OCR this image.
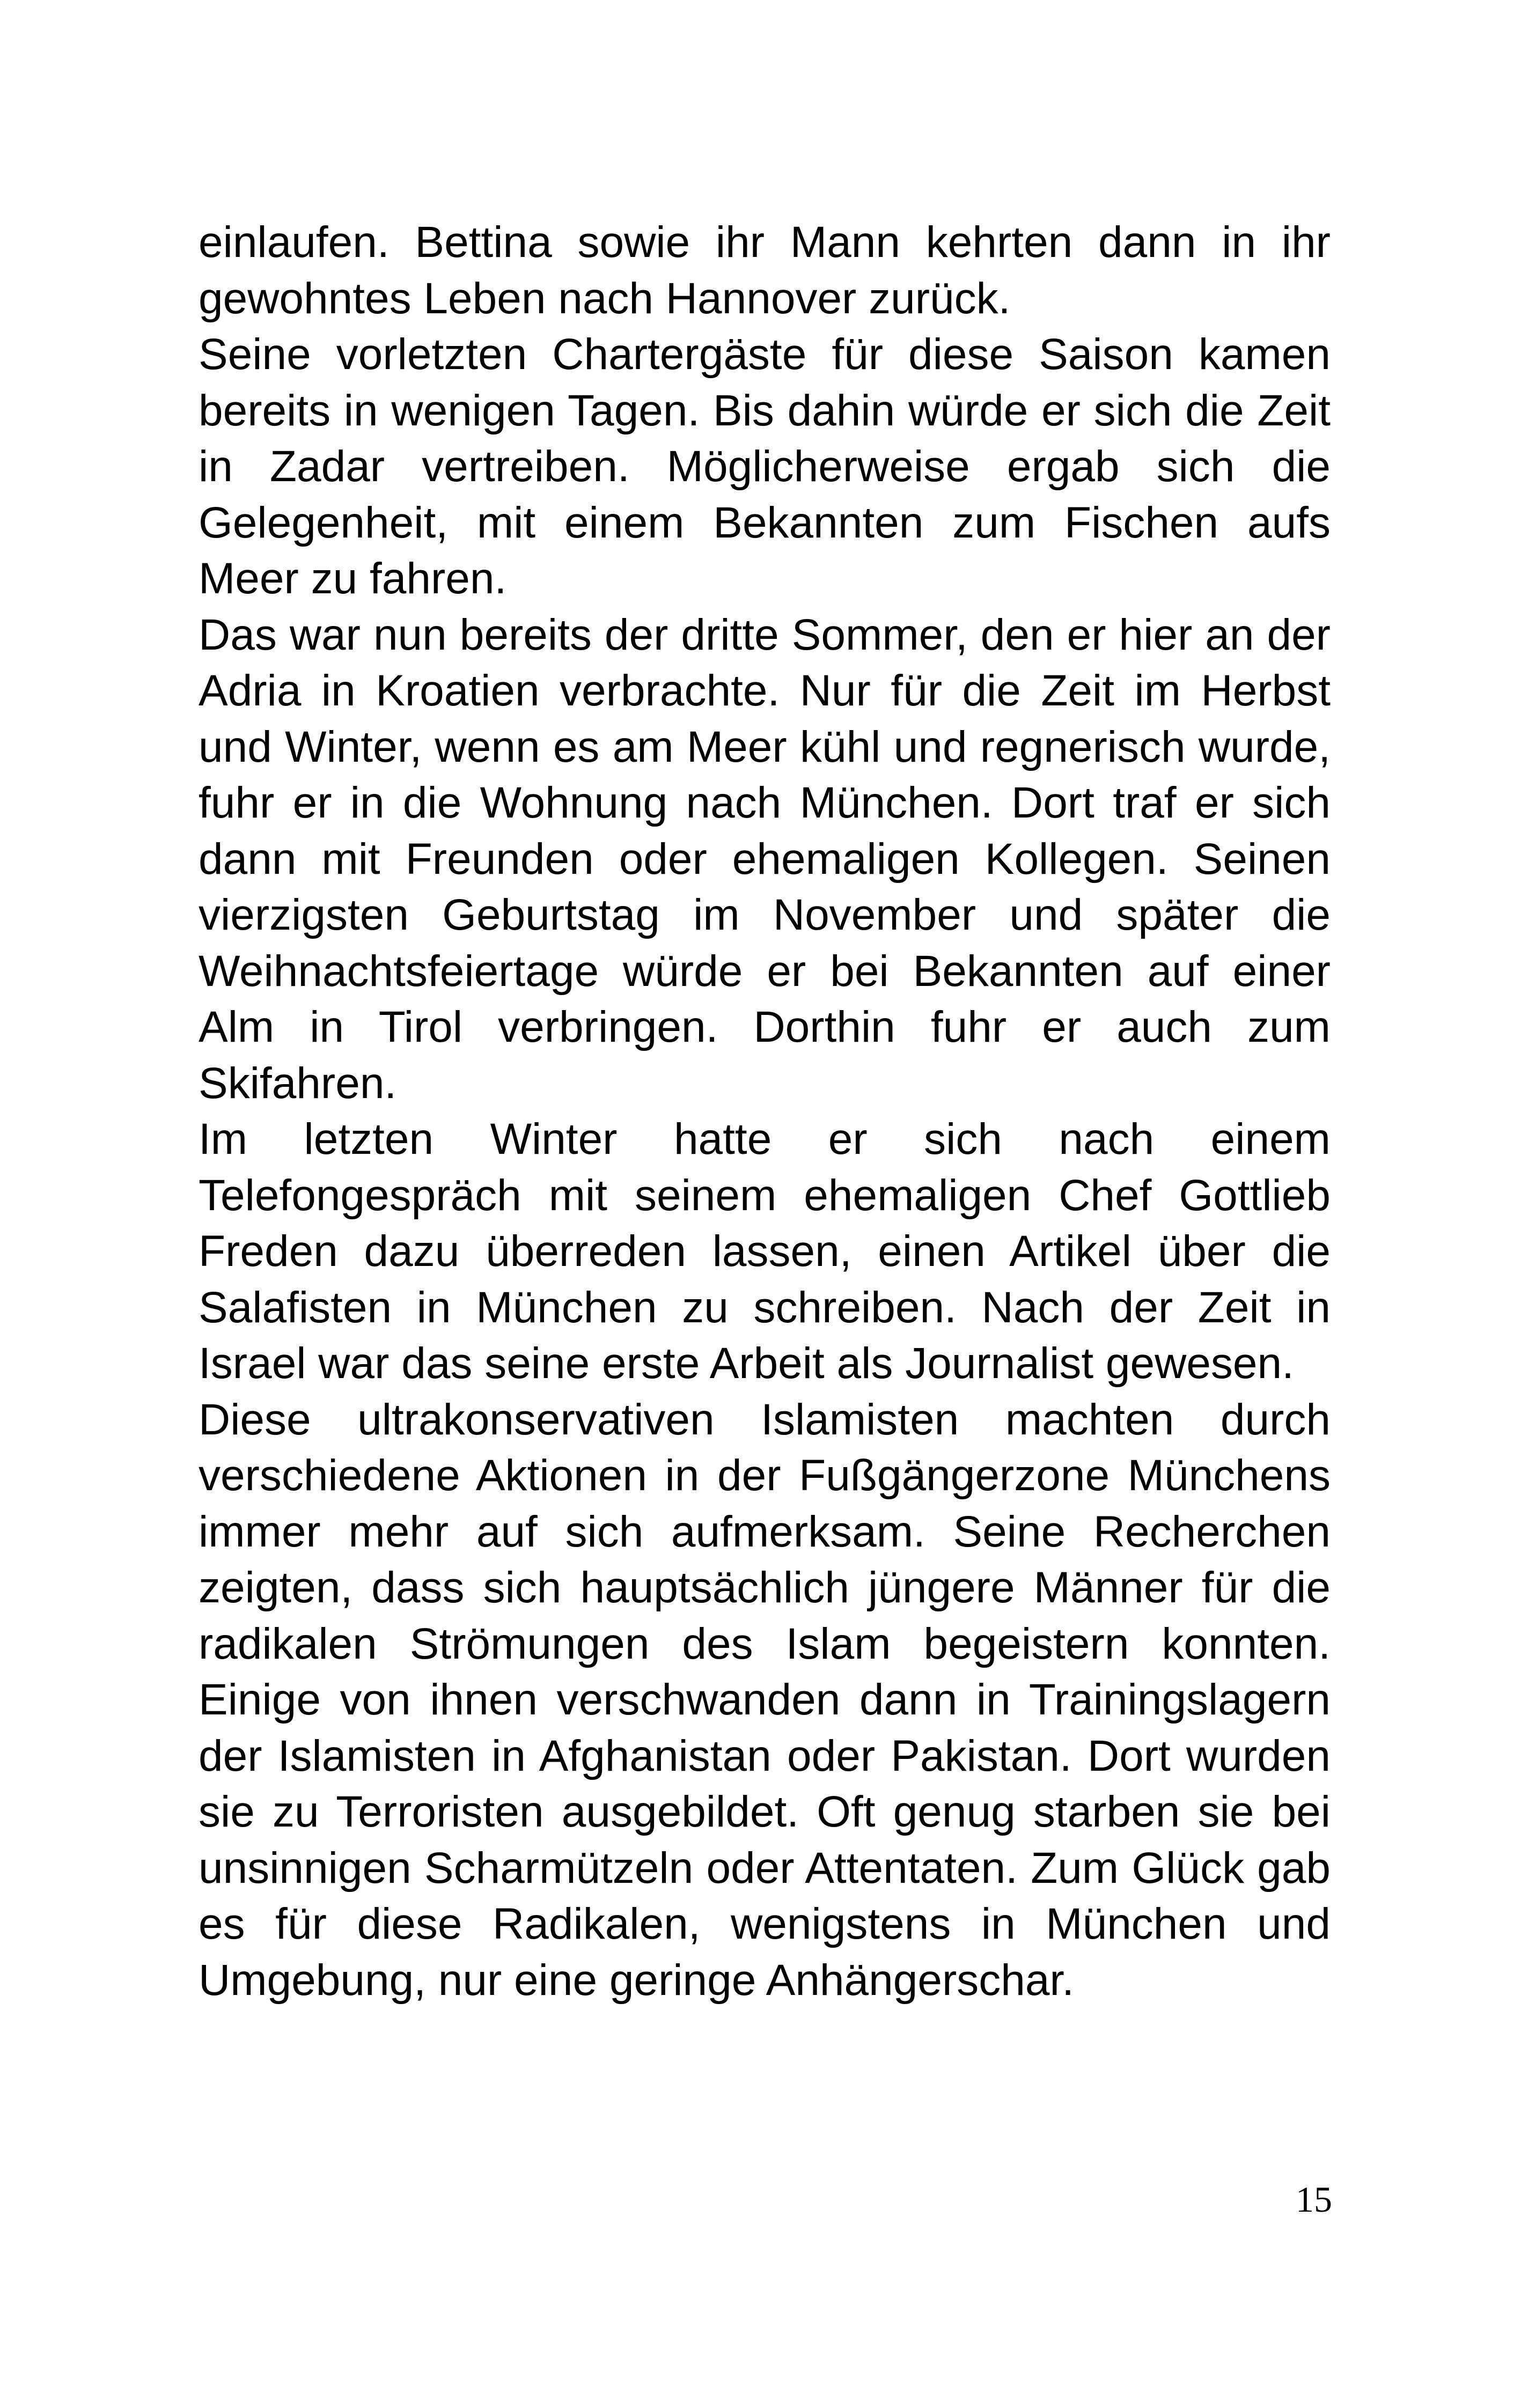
einlaufen. Bettina sowie ihr Mann kehrten dann in ihr gewohntes Leben nach Hannover zurück.

Seine vorletzten Chartergäste für diese Saison kamen bereits in wenigen Tagen. Bis dahin würde er sich die Zeit in Zadar vertreiben. Möglicherweise ergab sich die Gelegenheit, mit einem Bekannten zum Fischen aufs Meer zu fahren.

Das war nun bereits der dritte Sommer, den er hier an der Adria in Kroatien verbrachte. Nur für die Zeit im Herbst und Winter, wenn es am Meer kühl und regnerisch wurde, fuhr er in die Wohnung nach München. Dort traf er sich dann mit Freunden oder ehemaligen Kollegen. Seinen vierzigsten Geburtstag im November und später die Weihnachtsfeiertage würde er bei Bekannten auf einer Alm in Tirol verbringen. Dorthin fuhr er auch zum Skifahren.

Im letzten Winter hatte er sich nach einem Telefongespräch mit seinem ehemaligen Chef Gottlieb Freden dazu überreden lassen, einen Artikel über die Salafisten in München zu schreiben. Nach der Zeit in Israel war das seine erste Arbeit als Journalist gewesen.

Diese ultrakonservativen Islamisten machten durch verschiedene Aktionen in der Fußgängerzone Münchens immer mehr auf sich aufmerksam. Seine Recherchen zeigten, dass sich hauptsächlich jüngere Männer für die radikalen Strömungen des Islam begeistern konnten. Einige von ihnen verschwanden dann in Trainingslagern der Islamisten in Afghanistan oder Pakistan. Dort wurden sie zu Terroristen ausgebildet. Oft genug starben sie bei unsinnigen Scharmützeln oder Attentaten. Zum Glück gab es für diese Radikalen, wenigstens in München und Umgebung, nur eine geringe Anhängerschar.

15
